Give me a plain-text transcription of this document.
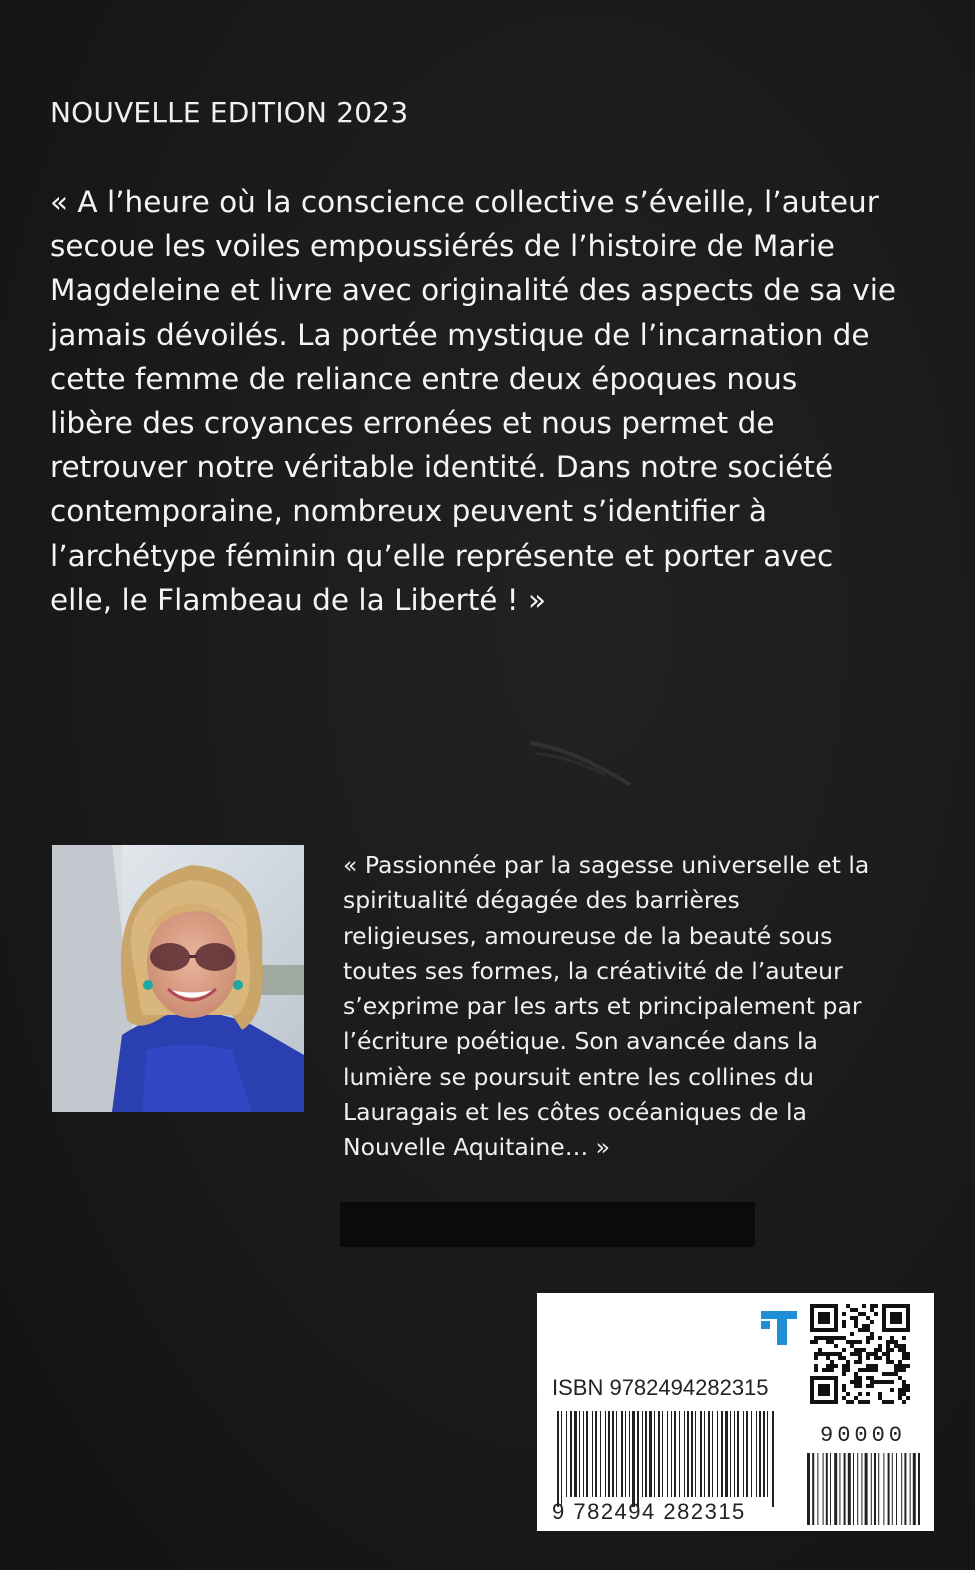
NOUVELLE EDITION 2023
« A l’heure où la conscience collective s’éveille, l’auteur
secoue les voiles empoussiérés de l’histoire de Marie
Magdeleine et livre avec originalité des aspects de sa vie
jamais dévoilés. La portée mystique de l’incarnation de
cette femme de reliance entre deux époques nous
libère des croyances erronées et nous permet de
retrouver notre véritable identité. Dans notre société
contemporaine, nombreux peuvent s’identifier à
l’archétype féminin qu’elle représente et porter avec
elle, le Flambeau de la Liberté ! »
« Passionnée par la sagesse universelle et la
spiritualité dégagée des barrières
religieuses, amoureuse de la beauté sous
toutes ses formes, la créativité de l’auteur
s’exprime par les arts et principalement par
l’écriture poétique. Son avancée dans la
lumière se poursuit entre les collines du
Lauragais et les côtes océaniques de la
Nouvelle Aquitaine… »
ISBN 9782494282315
90000
9 782494 282315
